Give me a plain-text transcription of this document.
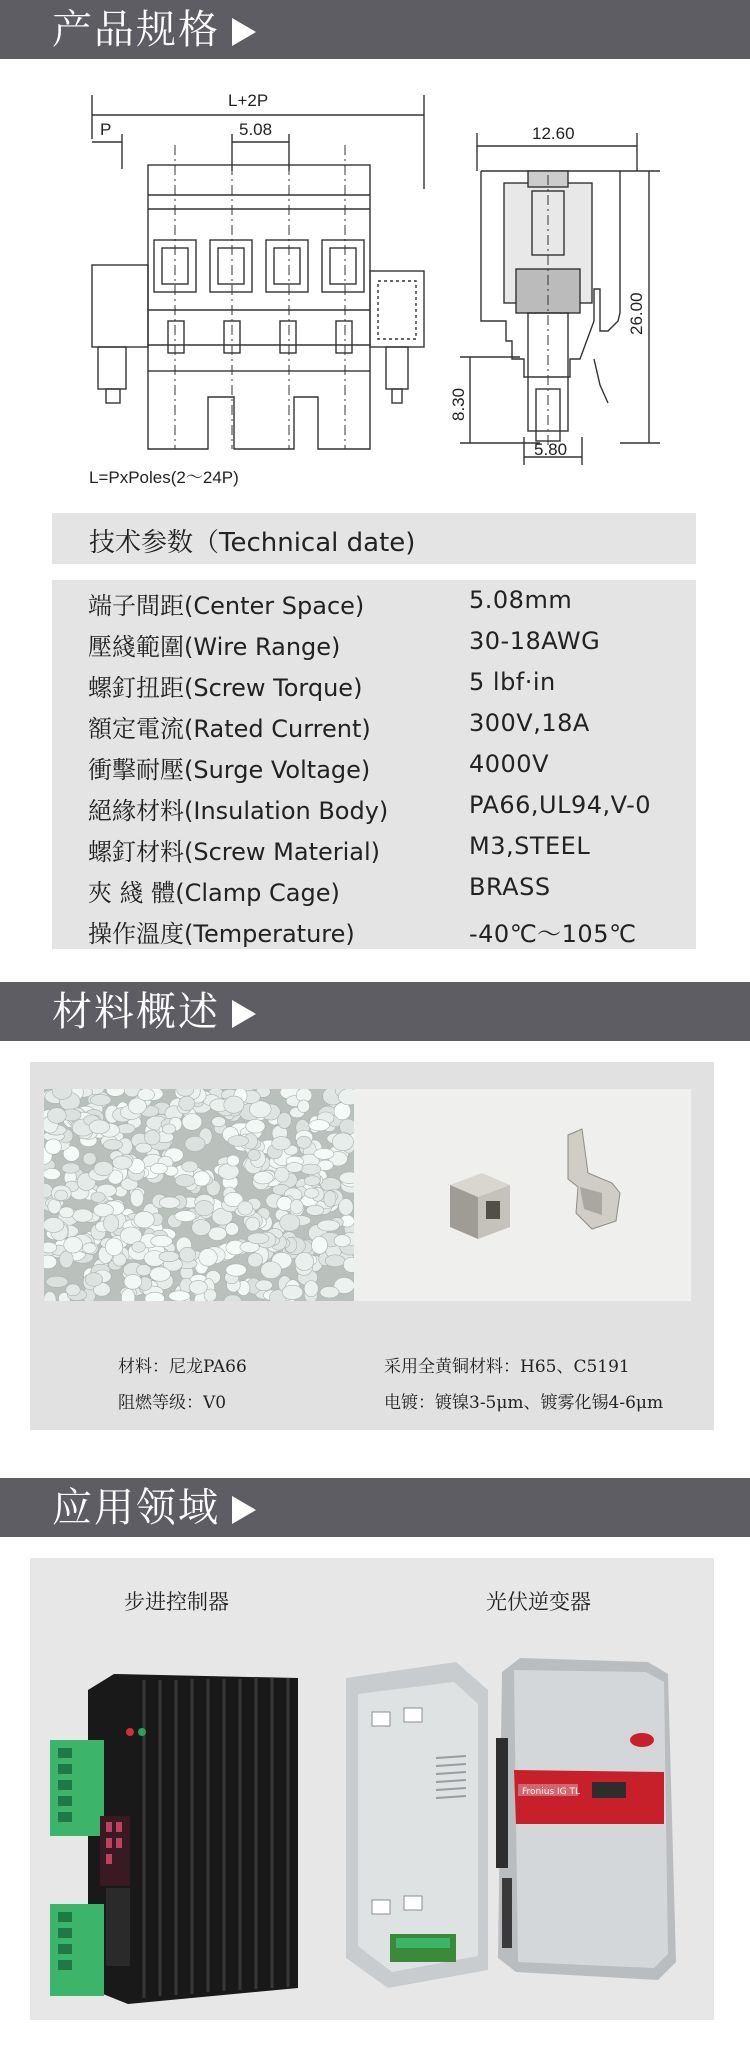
产品规格
L+2P
P	5.08	12.60
26.00
8.30
5.80
L=PxPoles(2～24P)
技术参数（Technical date)
端子間距(Center Space)	5.08mm
壓綫範圍(Wire Range)	30-18AWG
螺釘扭距(Screw Torque)	5 lbf·in
額定電流(Rated Current)	300V,18A
衝擊耐壓(Surge Voltage)	4000V
絕緣材料(Insulation Body)	PA66,UL94,V-0
螺釘材料(Screw Material)	M3,STEEL
夾 綫 體(Clamp Cage)	BRASS
操作溫度(Temperature)	-40℃～105℃
材料概述
材料：尼龙PA66
阻燃等级：V0
采用全黄铜材料：H65、C5191
电镀：镀镍3-5μm、镀雾化锡4-6μm
应用领域
步进控制器	光伏逆变器
Fronius IG TL
